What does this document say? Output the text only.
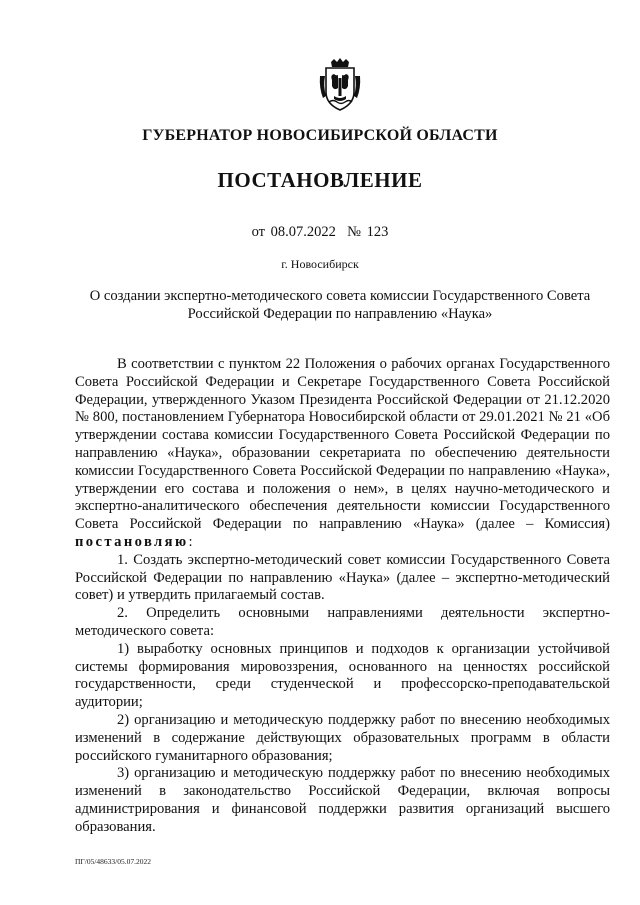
ГУБЕРНАТОР НОВОСИБИРСКОЙ ОБЛАСТИ
ПОСТАНОВЛЕНИЕ
от 08.07.2022  № 123
г. Новосибирск
О создании экспертно-методического совета комиссии Государственного Совета Российской Федерации по направлению «Наука»

В соответствии с пунктом 22 Положения о рабочих органах Государственного Совета Российской Федерации и Секретаре Государственного Совета Российской Федерации, утвержденного Указом Президента Российской Федерации от 21.12.2020 № 800, постановлением Губернатора Новосибирской области от 29.01.2021 № 21 «Об утверждении состава комиссии Государственного Совета Российской Федерации по направлению «Наука», образовании секретариата по обеспечению деятельности комиссии Государственного Совета Российской Федерации по направлению «Наука», утверждении его состава и положения о нем», в целях научно-методического и экспертно-аналитического обеспечения деятельности комиссии Государственного Совета Российской Федерации по направлению «Наука» (далее – Комиссия) постановляю:

1. Создать экспертно-методический совет комиссии Государственного Совета Российской Федерации по направлению «Наука» (далее – экспертно-методический совет) и утвердить прилагаемый состав.

2. Определить основными направлениями деятельности экспертно-методического совета:

1) выработку основных принципов и подходов к организации устойчивой системы формирования мировоззрения, основанного на ценностях российской государственности, среди студенческой и профессорско-преподавательской аудитории;

2) организацию и методическую поддержку работ по внесению необходимых изменений в содержание действующих образовательных программ в области российского гуманитарного образования;

3) организацию и методическую поддержку работ по внесению необходимых изменений в законодательство Российской Федерации, включая вопросы администрирования и финансовой поддержки развития организаций высшего образования.

ПГ/05/48633/05.07.2022
